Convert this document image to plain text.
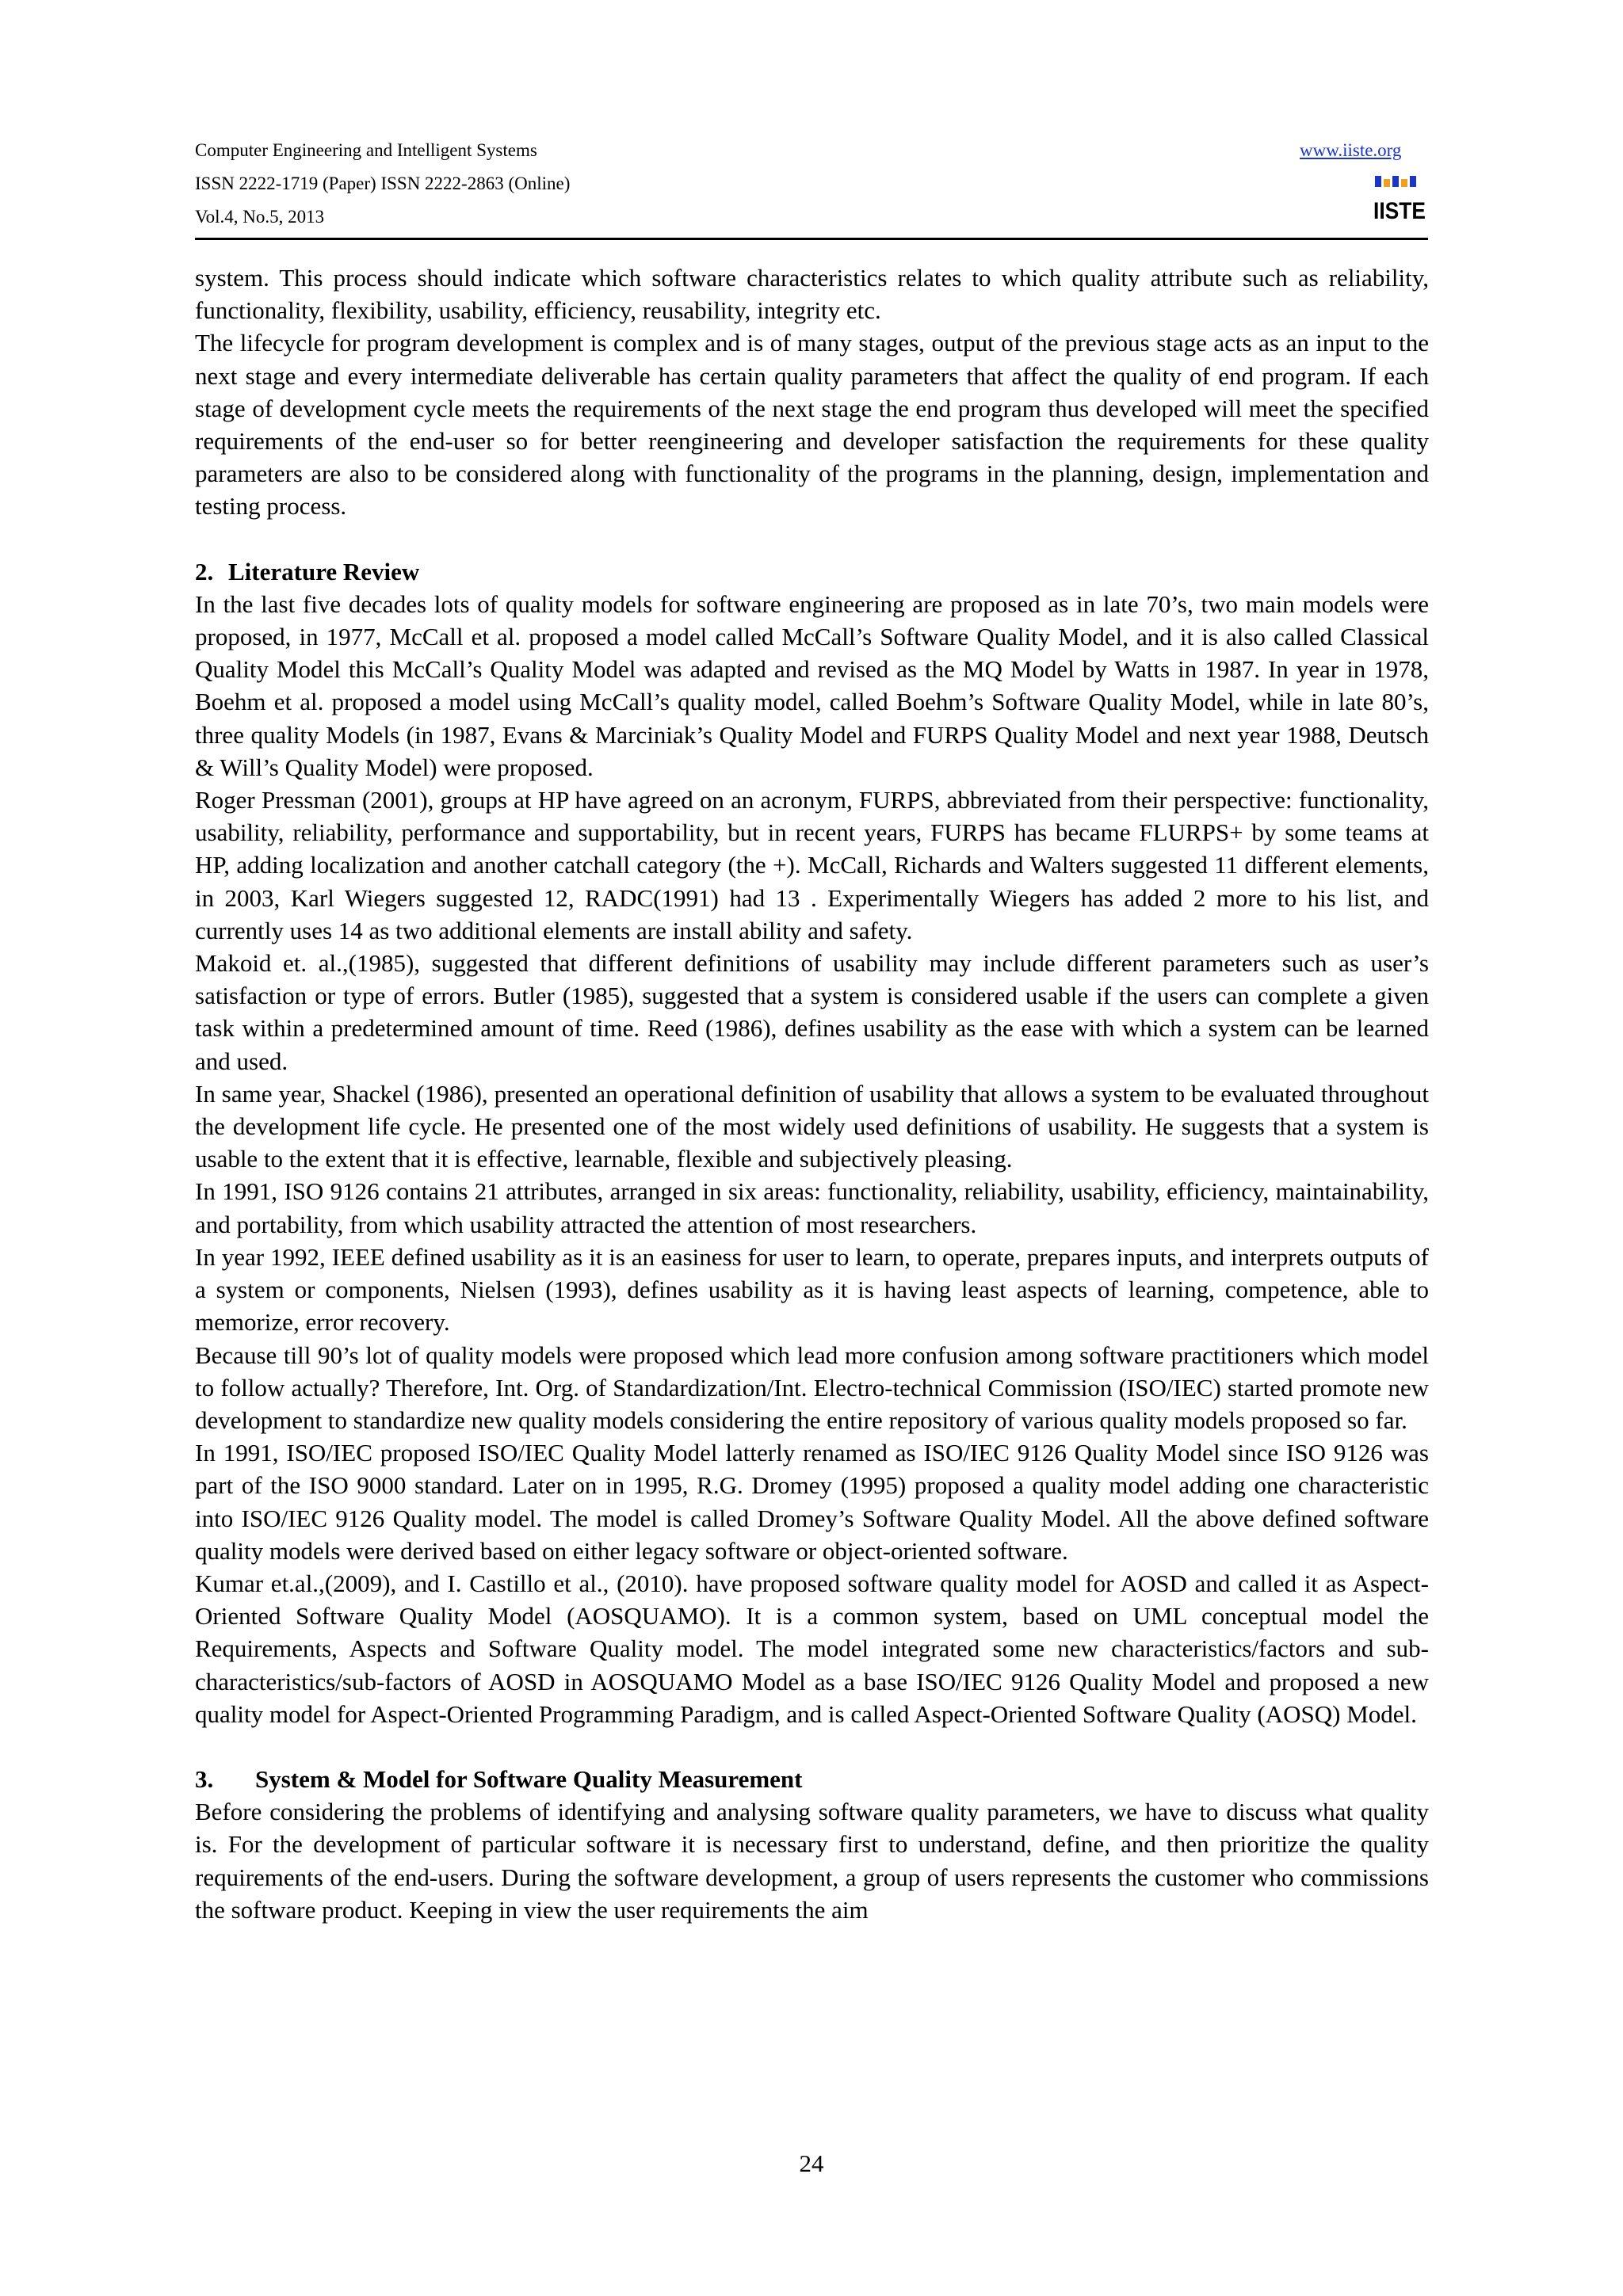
Computer Engineering and Intelligent Systems
ISSN 2222-1719 (Paper) ISSN 2222-2863 (Online)
Vol.4, No.5, 2013
www.iiste.org
IISTE

system. This process should indicate which software characteristics relates to which quality attribute such as reliability, functionality, flexibility, usability, efficiency, reusability, integrity etc.

The lifecycle for program development is complex and is of many stages, output of the previous stage acts as an input to the next stage and every intermediate deliverable has certain quality parameters that affect the quality of end program. If each stage of development cycle meets the requirements of the next stage the end program thus developed will meet the specified requirements of the end-user so for better reengineering and developer satisfaction the requirements for these quality parameters are also to be considered along with functionality of the programs in the planning, design, implementation and testing process.

2. Literature Review

In the last five decades lots of quality models for software engineering are proposed as in late 70’s, two main models were proposed, in 1977, McCall et al. proposed a model called McCall’s Software Quality Model, and it is also called Classical Quality Model this McCall’s Quality Model was adapted and revised as the MQ Model by Watts in 1987. In year in 1978, Boehm et al. proposed a model using McCall’s quality model, called Boehm’s Software Quality Model, while in late 80’s, three quality Models (in 1987, Evans & Marciniak’s Quality Model and FURPS Quality Model and next year 1988, Deutsch & Will’s Quality Model) were proposed.

Roger Pressman (2001), groups at HP have agreed on an acronym, FURPS, abbreviated from their perspective: functionality, usability, reliability, performance and supportability, but in recent years, FURPS has became FLURPS+ by some teams at HP, adding localization and another catchall category (the +). McCall, Richards and Walters suggested 11 different elements, in 2003, Karl Wiegers suggested 12, RADC(1991) had 13 . Experimentally Wiegers has added 2 more to his list, and currently uses 14 as two additional elements are install ability and safety.

Makoid et. al.,(1985), suggested that different definitions of usability may include different parameters such as user’s satisfaction or type of errors. Butler (1985), suggested that a system is considered usable if the users can complete a given task within a predetermined amount of time. Reed (1986), defines usability as the ease with which a system can be learned and used.

In same year, Shackel (1986), presented an operational definition of usability that allows a system to be evaluated throughout the development life cycle. He presented one of the most widely used definitions of usability. He suggests that a system is usable to the extent that it is effective, learnable, flexible and subjectively pleasing.

In 1991, ISO 9126 contains 21 attributes, arranged in six areas: functionality, reliability, usability, efficiency, maintainability, and portability, from which usability attracted the attention of most researchers.

In year 1992, IEEE defined usability as it is an easiness for user to learn, to operate, prepares inputs, and interprets outputs of a system or components, Nielsen (1993), defines usability as it is having least aspects of learning, competence, able to memorize, error recovery.

Because till 90’s lot of quality models were proposed which lead more confusion among software practitioners which model to follow actually? Therefore, Int. Org. of Standardization/Int. Electro-technical Commission (ISO/IEC) started promote new development to standardize new quality models considering the entire repository of various quality models proposed so far.

In 1991, ISO/IEC proposed ISO/IEC Quality Model latterly renamed as ISO/IEC 9126 Quality Model since ISO 9126 was part of the ISO 9000 standard. Later on in 1995, R.G. Dromey (1995) proposed a quality model adding one characteristic into ISO/IEC 9126 Quality model. The model is called Dromey’s Software Quality Model. All the above defined software quality models were derived based on either legacy software or object-oriented software.

Kumar et.al.,(2009), and I. Castillo et al., (2010). have proposed software quality model for AOSD and called it as Aspect-Oriented Software Quality Model (AOSQUAMO). It is a common system, based on UML conceptual model the Requirements, Aspects and Software Quality model. The model integrated some new characteristics/factors and sub-characteristics/sub-factors of AOSD in AOSQUAMO Model as a base ISO/IEC 9126 Quality Model and proposed a new quality model for Aspect-Oriented Programming Paradigm, and is called Aspect-Oriented Software Quality (AOSQ) Model.

3. System & Model for Software Quality Measurement

Before considering the problems of identifying and analysing software quality parameters, we have to discuss what quality is. For the development of particular software it is necessary first to understand, define, and then prioritize the quality requirements of the end-users. During the software development, a group of users represents the customer who commissions the software product. Keeping in view the user requirements the aim

24
